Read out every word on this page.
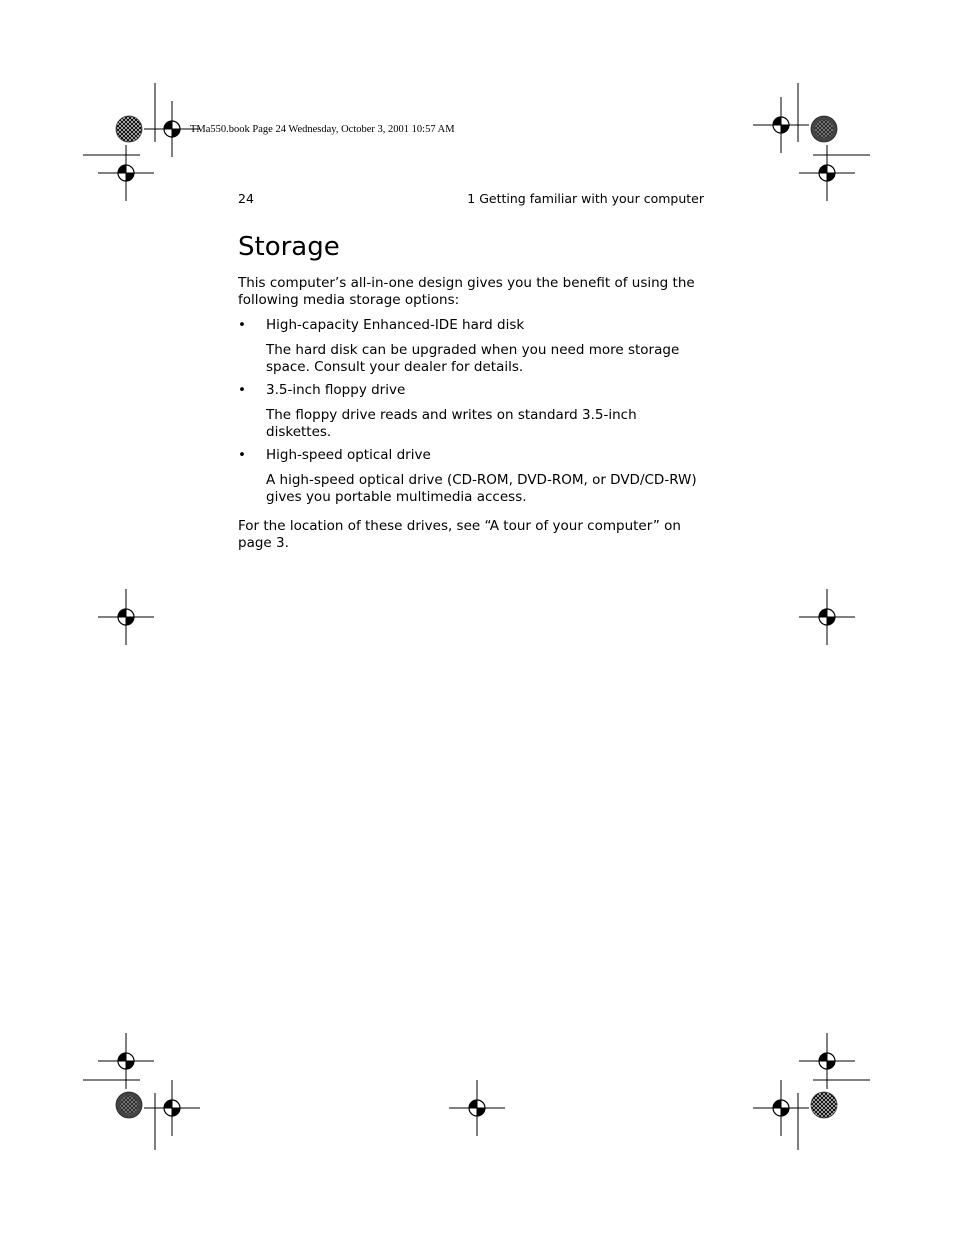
TMa550.book Page 24 Wednesday, October 3, 2001 10:57 AM
24	1 Getting familiar with your computer
Storage

This computer’s all-in-one design gives you the benefit of using the following media storage options:

•	High-capacity Enhanced-IDE hard disk

The hard disk can be upgraded when you need more storage space. Consult your dealer for details.

•	3.5-inch floppy drive

The floppy drive reads and writes on standard 3.5-inch diskettes.

•	High-speed optical drive

A high-speed optical drive (CD-ROM, DVD-ROM, or DVD/CD-RW) gives you portable multimedia access.

For the location of these drives, see “A tour of your computer” on page 3.
